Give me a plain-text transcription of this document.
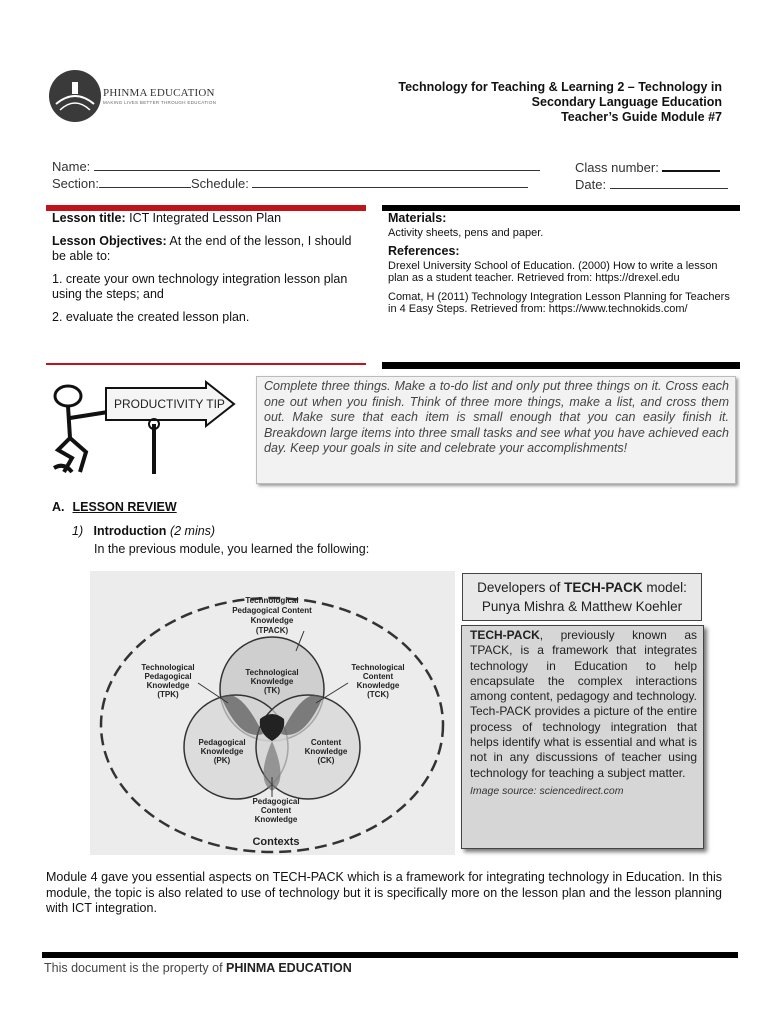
PHINMA EDUCATION
MAKING LIVES BETTER THROUGH EDUCATION
Technology for Teaching & Learning 2 – Technology in
Secondary Language Education
Teacher’s Guide Module #7
Name:
Section:	Schedule:
Class number:
Date:

Lesson title: ICT Integrated Lesson Plan

Lesson Objectives: At the end of the lesson, I should be able to:

1. create your own technology integration lesson plan using the steps; and

2. evaluate the created lesson plan.

Materials:

Activity sheets, pens and paper.

References:

Drexel University School of Education. (2000) How to write a lesson plan as a student teacher. Retrieved from: https://drexel.edu

Comat, H (2011) Technology Integration Lesson Planning for Teachers in 4 Easy Steps. Retrieved from: https://www.technokids.com/

PRODUCTIVITY TIP
Complete three things. Make a to-do list and only put three things on it. Cross each one out when you finish. Think of three more things, make a list, and cross them out. Make sure that each item is small enough that you can easily finish it. Breakdown large items into three small tasks and see what you have achieved each day. Keep your goals in site and celebrate your accomplishments!
A. LESSON REVIEW
1) Introduction (2 mins)
In the previous module, you learned the following:
Technological
Pedagogical Content
Knowledge
(TPACK)
Technological
Pedagogical
Knowledge
(TPK)
Technological
Content
Knowledge
(TCK)
Technological
Knowledge
(TK)
Pedagogical
Knowledge
(PK)
Content
Knowledge
(CK)
Pedagogical
Content
Knowledge
Contexts
Developers of TECH-PACK model:
Punya Mishra & Matthew Koehler

TECH-PACK, previously known as TPACK, is a framework that integrates technology in Education to help encapsulate the complex interactions among content, pedagogy and technology. Tech-PACK provides a picture of the entire process of technology integration that helps identify what is essential and what is not in any discussions of teacher using technology for teaching a subject matter.

Image source: sciencedirect.com
Module 4 gave you essential aspects on TECH-PACK which is a framework for integrating technology in Education. In this module, the topic is also related to use of technology but it is specifically more on the lesson plan and the lesson planning with ICT integration.
This document is the property of PHINMA EDUCATION
